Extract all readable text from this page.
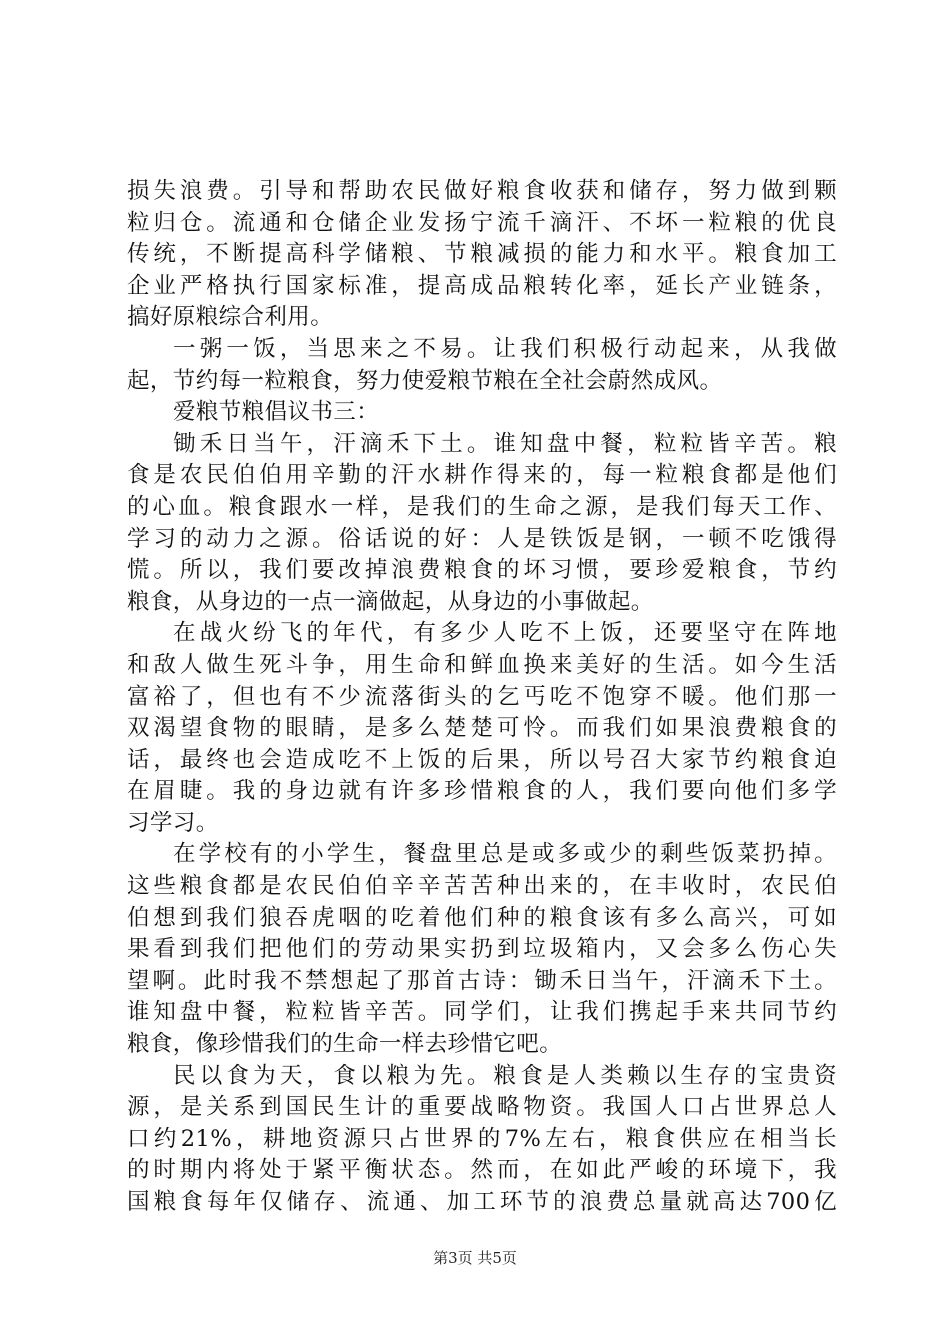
损失浪费。引导和帮助农民做好粮食收获和储存，努力做到颗
粒归仓。流通和仓储企业发扬宁流千滴汗、不坏一粒粮的优良
传统，不断提高科学储粮、节粮减损的能力和水平。粮食加工
企业严格执行国家标准，提高成品粮转化率，延长产业链条，
搞好原粮综合利用。
一粥一饭，当思来之不易。让我们积极行动起来，从我做
起，节约每一粒粮食，努力使爱粮节粮在全社会蔚然成风。
爱粮节粮倡议书三：
锄禾日当午，汗滴禾下土。谁知盘中餐，粒粒皆辛苦。粮
食是农民伯伯用辛勤的汗水耕作得来的，每一粒粮食都是他们
的心血。粮食跟水一样，是我们的生命之源，是我们每天工作、
学习的动力之源。俗话说的好：人是铁饭是钢，一顿不吃饿得
慌。所以，我们要改掉浪费粮食的坏习惯，要珍爱粮食，节约
粮食，从身边的一点一滴做起，从身边的小事做起。
在战火纷飞的年代，有多少人吃不上饭，还要坚守在阵地
和敌人做生死斗争，用生命和鲜血换来美好的生活。如今生活
富裕了，但也有不少流落街头的乞丐吃不饱穿不暖。他们那一
双渴望食物的眼睛，是多么楚楚可怜。而我们如果浪费粮食的
话，最终也会造成吃不上饭的后果，所以号召大家节约粮食迫
在眉睫。我的身边就有许多珍惜粮食的人，我们要向他们多学
习学习。
在学校有的小学生，餐盘里总是或多或少的剩些饭菜扔掉。
这些粮食都是农民伯伯辛辛苦苦种出来的，在丰收时，农民伯
伯想到我们狼吞虎咽的吃着他们种的粮食该有多么高兴，可如
果看到我们把他们的劳动果实扔到垃圾箱内，又会多么伤心失
望啊。此时我不禁想起了那首古诗：锄禾日当午，汗滴禾下土。
谁知盘中餐，粒粒皆辛苦。同学们，让我们携起手来共同节约
粮食，像珍惜我们的生命一样去珍惜它吧。
民以食为天，食以粮为先。粮食是人类赖以生存的宝贵资
源，是关系到国民生计的重要战略物资。我国人口占世界总人
口约21%，耕地资源只占世界的7%左右，粮食供应在相当长
的时期内将处于紧平衡状态。然而，在如此严峻的环境下，我
国粮食每年仅储存、流通、加工环节的浪费总量就高达700亿
第3页 共5页
